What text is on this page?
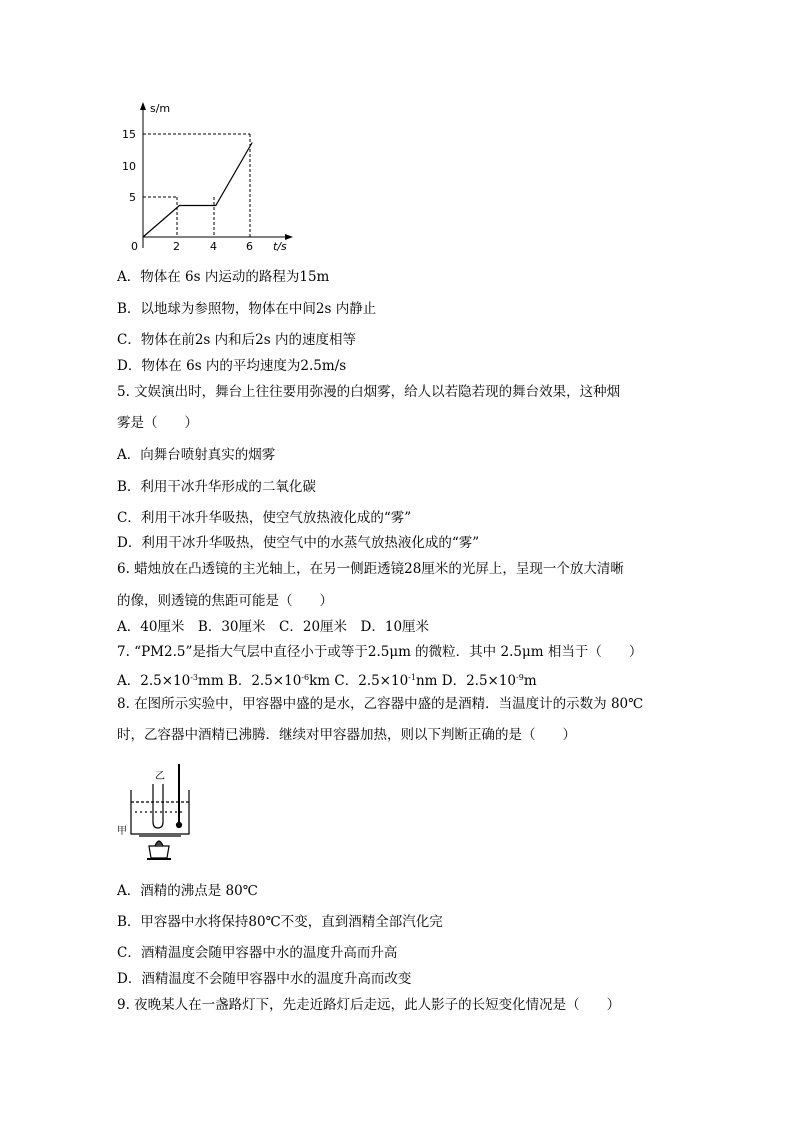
s/m
15
10
5
0	2	4	6 t/s
A．物体在 6s 内运动的路程为15m
B．以地球为参照物，物体在中间2s 内静止
C．物体在前2s 内和后2s 内的速度相等
D．物体在 6s 内的平均速度为2.5m/s
5. 文娱演出时，舞台上往往要用弥漫的白烟雾，给人以若隐若现的舞台效果，这种烟
雾是（　　）
A．向舞台喷射真实的烟雾
B．利用干冰升华形成的二氧化碳
C．利用干冰升华吸热，使空气放热液化成的“雾”
D．利用干冰升华吸热，使空气中的水蒸气放热液化成的“雾”
6. 蜡烛放在凸透镜的主光轴上，在另一侧距透镜28厘米的光屏上，呈现一个放大清晰
的像，则透镜的焦距可能是（　　）
A．40厘米　B．30厘米　C．20厘米　D．10厘米
7. “PM2.5”是指大气层中直径小于或等于2.5μm 的微粒．其中 2.5μm 相当于（　　）
A．$2.5\times 10^{-3}mm$ B．$2.5\times 10^{-6}km$ C．$2.5\times 10^{-1}nm$ D．$2.5\times 10^{-9}m$
8. 在图所示实验中，甲容器中盛的是水，乙容器中盛的是酒精．当温度计的示数为 80℃
时，乙容器中酒精已沸腾．继续对甲容器加热，则以下判断正确的是（　　）
乙
甲
A．酒精的沸点是 80℃
B．甲容器中水将保持80℃不变，直到酒精全部汽化完
C．酒精温度会随甲容器中水的温度升高而升高
D．酒精温度不会随甲容器中水的温度升高而改变
9. 夜晚某人在一盏路灯下，先走近路灯后走远，此人影子的长短变化情况是（　　）
